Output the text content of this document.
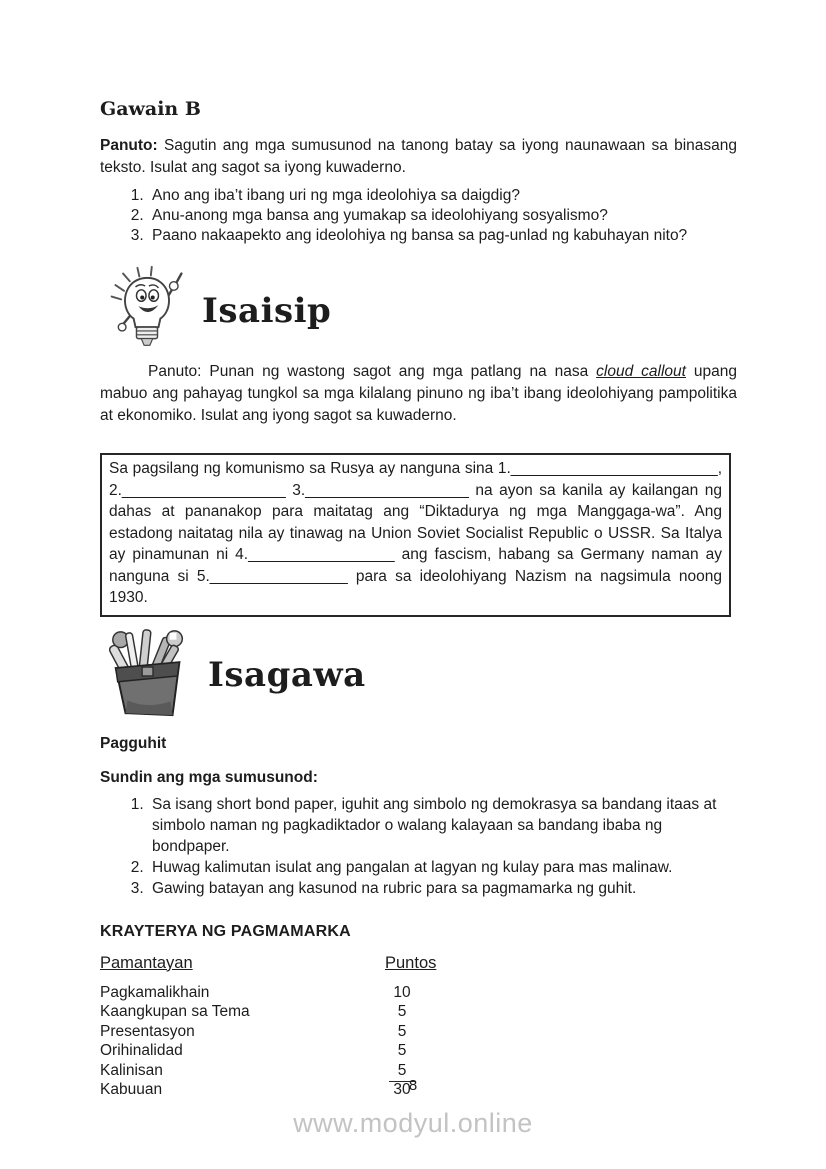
Gawain B

Panuto: Sagutin ang mga sumusunod na tanong batay sa iyong naunawaan sa binasang teksto. Isulat ang sagot sa iyong kuwaderno.

1. Ano ang iba’t ibang uri ng mga ideolohiya sa daigdig?
2. Anu-anong mga bansa ang yumakap sa ideolohiyang sosyalismo?
3. Paano nakaapekto ang ideolohiya ng bansa sa pag-unlad ng kabuhayan nito?
Isaisip

Panuto: Punan ng wastong sagot ang mga patlang na nasa cloud callout upang mabuo ang pahayag tungkol sa mga kilalang pinuno ng iba’t ibang ideolohiyang pampolitika at ekonomiko. Isulat ang iyong sagot sa kuwaderno.

Sa pagsilang ng komunismo sa Rusya ay nanguna sina 1.________________________, 2.___________________ 3.___________________ na ayon sa kanila ay kailangan ng dahas at pananakop para maitatag ang “Diktadurya ng mga Manggaga-wa”. Ang estadong naitatag nila ay tinawag na Union Soviet Socialist Republic o USSR. Sa Italya ay pinamunan ni 4._________________ ang fascism, habang sa Germany naman ay nanguna si 5.________________ para sa ideolohiyang Nazism na nagsimula noong 1930.
Isagawa
Pagguhit
Sundin ang mga sumusunod:
1. Sa isang short bond paper, iguhit ang simbolo ng demokrasya sa bandang itaas at simbolo naman ng pagkadiktador o walang kalayaan sa bandang ibaba ng bondpaper.
2. Huwag kalimutan isulat ang pangalan at lagyan ng kulay para mas malinaw.
3. Gawing batayan ang kasunod na rubric para sa pagmamarka ng guhit.
KRAYTERYA NG PAGMAMARKA
Pamantayan	Puntos
Pagkamalikhain	10
Kaangkupan sa Tema	5
Presentasyon	5
Orihinalidad	5
Kalinisan	5
Kabuuan	30
8
www.modyul.online
